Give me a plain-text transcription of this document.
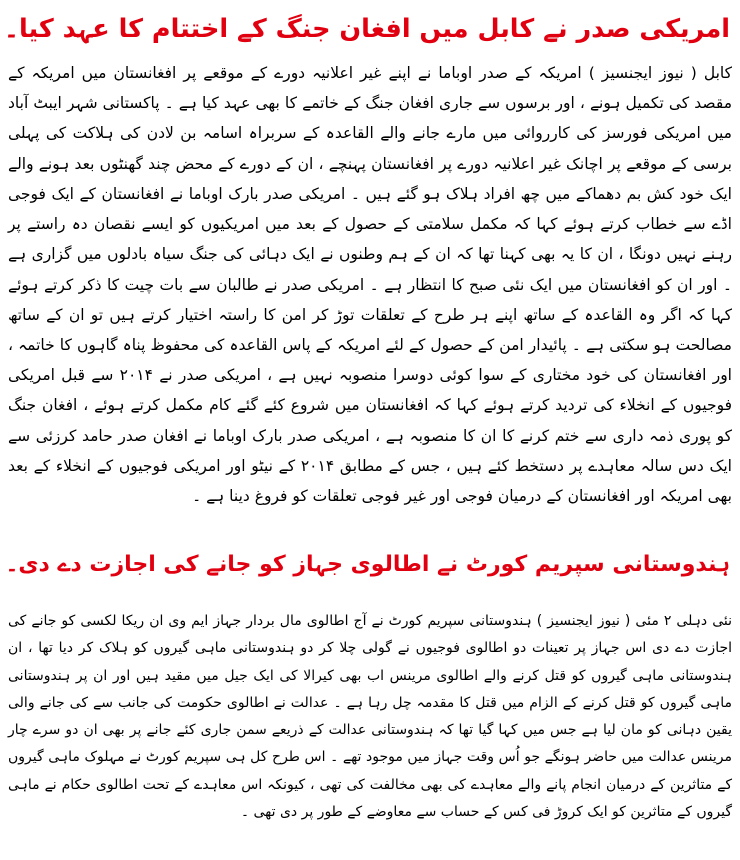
امریکی صدر نے کابل میں افغان جنگ کے اختتام کا عہد کیا۔

کابل ( نیوز ایجنسیز ) امریکہ کے صدر اوباما نے اپنے غیر اعلانیہ دورے کے موقعے پر افغانستان میں امریکہ کے مقصد کی تکمیل ہونے ، اور برسوں سے جاری افغان جنگ کے خاتمے کا بھی عہد کیا ہے ۔ پاکستانی شہر ایبٹ آباد میں امریکی فورسز کی کارروائی میں مارے جانے والے القاعدہ کے سربراہ اسامہ بن لادن کی ہلاکت کی پہلی برسی کے موقعے پر اچانک غیر اعلانیہ دورے پر افغانستان پہنچے ، ان کے دورے کے محض چند گھنٹوں بعد ہونے والے ایک خود کش بم دھماکے میں چھ افراد ہلاک ہو گئے ہیں ۔ امریکی صدر بارک اوباما نے افغانستان کے ایک فوجی اڈے سے خطاب کرتے ہوئے کہا کہ مکمل سلامتی کے حصول کے بعد میں امریکیوں کو ایسے نقصان دہ راستے پر رہنے نہیں دونگا ، ان کا یہ بھی کہنا تھا کہ ان کے ہم وطنوں نے ایک دہائی کی جنگ سیاہ بادلوں میں گزاری ہے ۔ اور ان کو افغانستان میں ایک نئی صبح کا انتظار ہے ۔ امریکی صدر نے طالبان سے بات چیت کا ذکر کرتے ہوئے کہا کہ اگر وہ القاعدہ کے ساتھ اپنے ہر طرح کے تعلقات توڑ کر امن کا راستہ اختیار کرتے ہیں تو ان کے ساتھ مصالحت ہو سکتی ہے ۔ پائیدار امن کے حصول کے لئے امریکہ کے پاس القاعدہ کی محفوظ پناہ گاہوں کا خاتمہ ، اور افغانستان کی خود مختاری کے سوا کوئی دوسرا منصوبہ نہیں ہے ، امریکی صدر نے ۲۰۱۴ سے قبل امریکی فوجیوں کے انخلاء کی تردید کرتے ہوئے کہا کہ افغانستان میں شروع کئے گئے کام مکمل کرتے ہوئے ، افغان جنگ کو پوری ذمہ داری سے ختم کرنے کا ان کا منصوبہ ہے ، امریکی صدر بارک اوباما نے افغان صدر حامد کرزئی سے ایک دس سالہ معاہدے پر دستخط کئے ہیں ، جس کے مطابق ۲۰۱۴ کے نیٹو اور امریکی فوجیوں کے انخلاء کے بعد بھی امریکہ اور افغانستان کے درمیان فوجی اور غیر فوجی تعلقات کو فروغ دینا ہے ۔

ہندوستانی سپریم کورٹ نے اطالوی جہاز کو جانے کی اجازت دے دی۔

نئی دہلی ۲ مئی ( نیوز ایجنسیز ) ہندوستانی سپریم کورٹ نے آج اطالوی مال بردار جہاز ایم وی ان ریکا لکسی کو جانے کی اجازت دے دی اس جہاز پر تعینات دو اطالوی فوجیوں نے گولی چلا کر دو ہندوستانی ماہی گیروں کو ہلاک کر دیا تھا ، ان ہندوستانی ماہی گیروں کو قتل کرنے والے اطالوی مرینس اب بھی کیرالا کی ایک جیل میں مقید ہیں اور ان پر ہندوستانی ماہی گیروں کو قتل کرنے کے الزام میں قتل کا مقدمہ چل رہا ہے ۔ عدالت نے اطالوی حکومت کی جانب سے کی جانے والی یقین دہانی کو مان لیا ہے جس میں کہا گیا تھا کہ ہندوستانی عدالت کے ذریعے سمن جاری کئے جانے پر بھی ان دو سرے چار مرینس عدالت میں حاضر ہونگے جو اُس وقت جہاز میں موجود تھے ۔ اس طرح کل ہی سپریم کورٹ نے مہلوک ماہی گیروں کے متاثرین کے درمیان انجام پانے والے معاہدے کی بھی مخالفت کی تھی ، کیونکہ اس معاہدے کے تحت اطالوی حکام نے ماہی گیروں کے متاثرین کو ایک کروڑ فی کس کے حساب سے معاوضے کے طور پر دی تھی ۔
